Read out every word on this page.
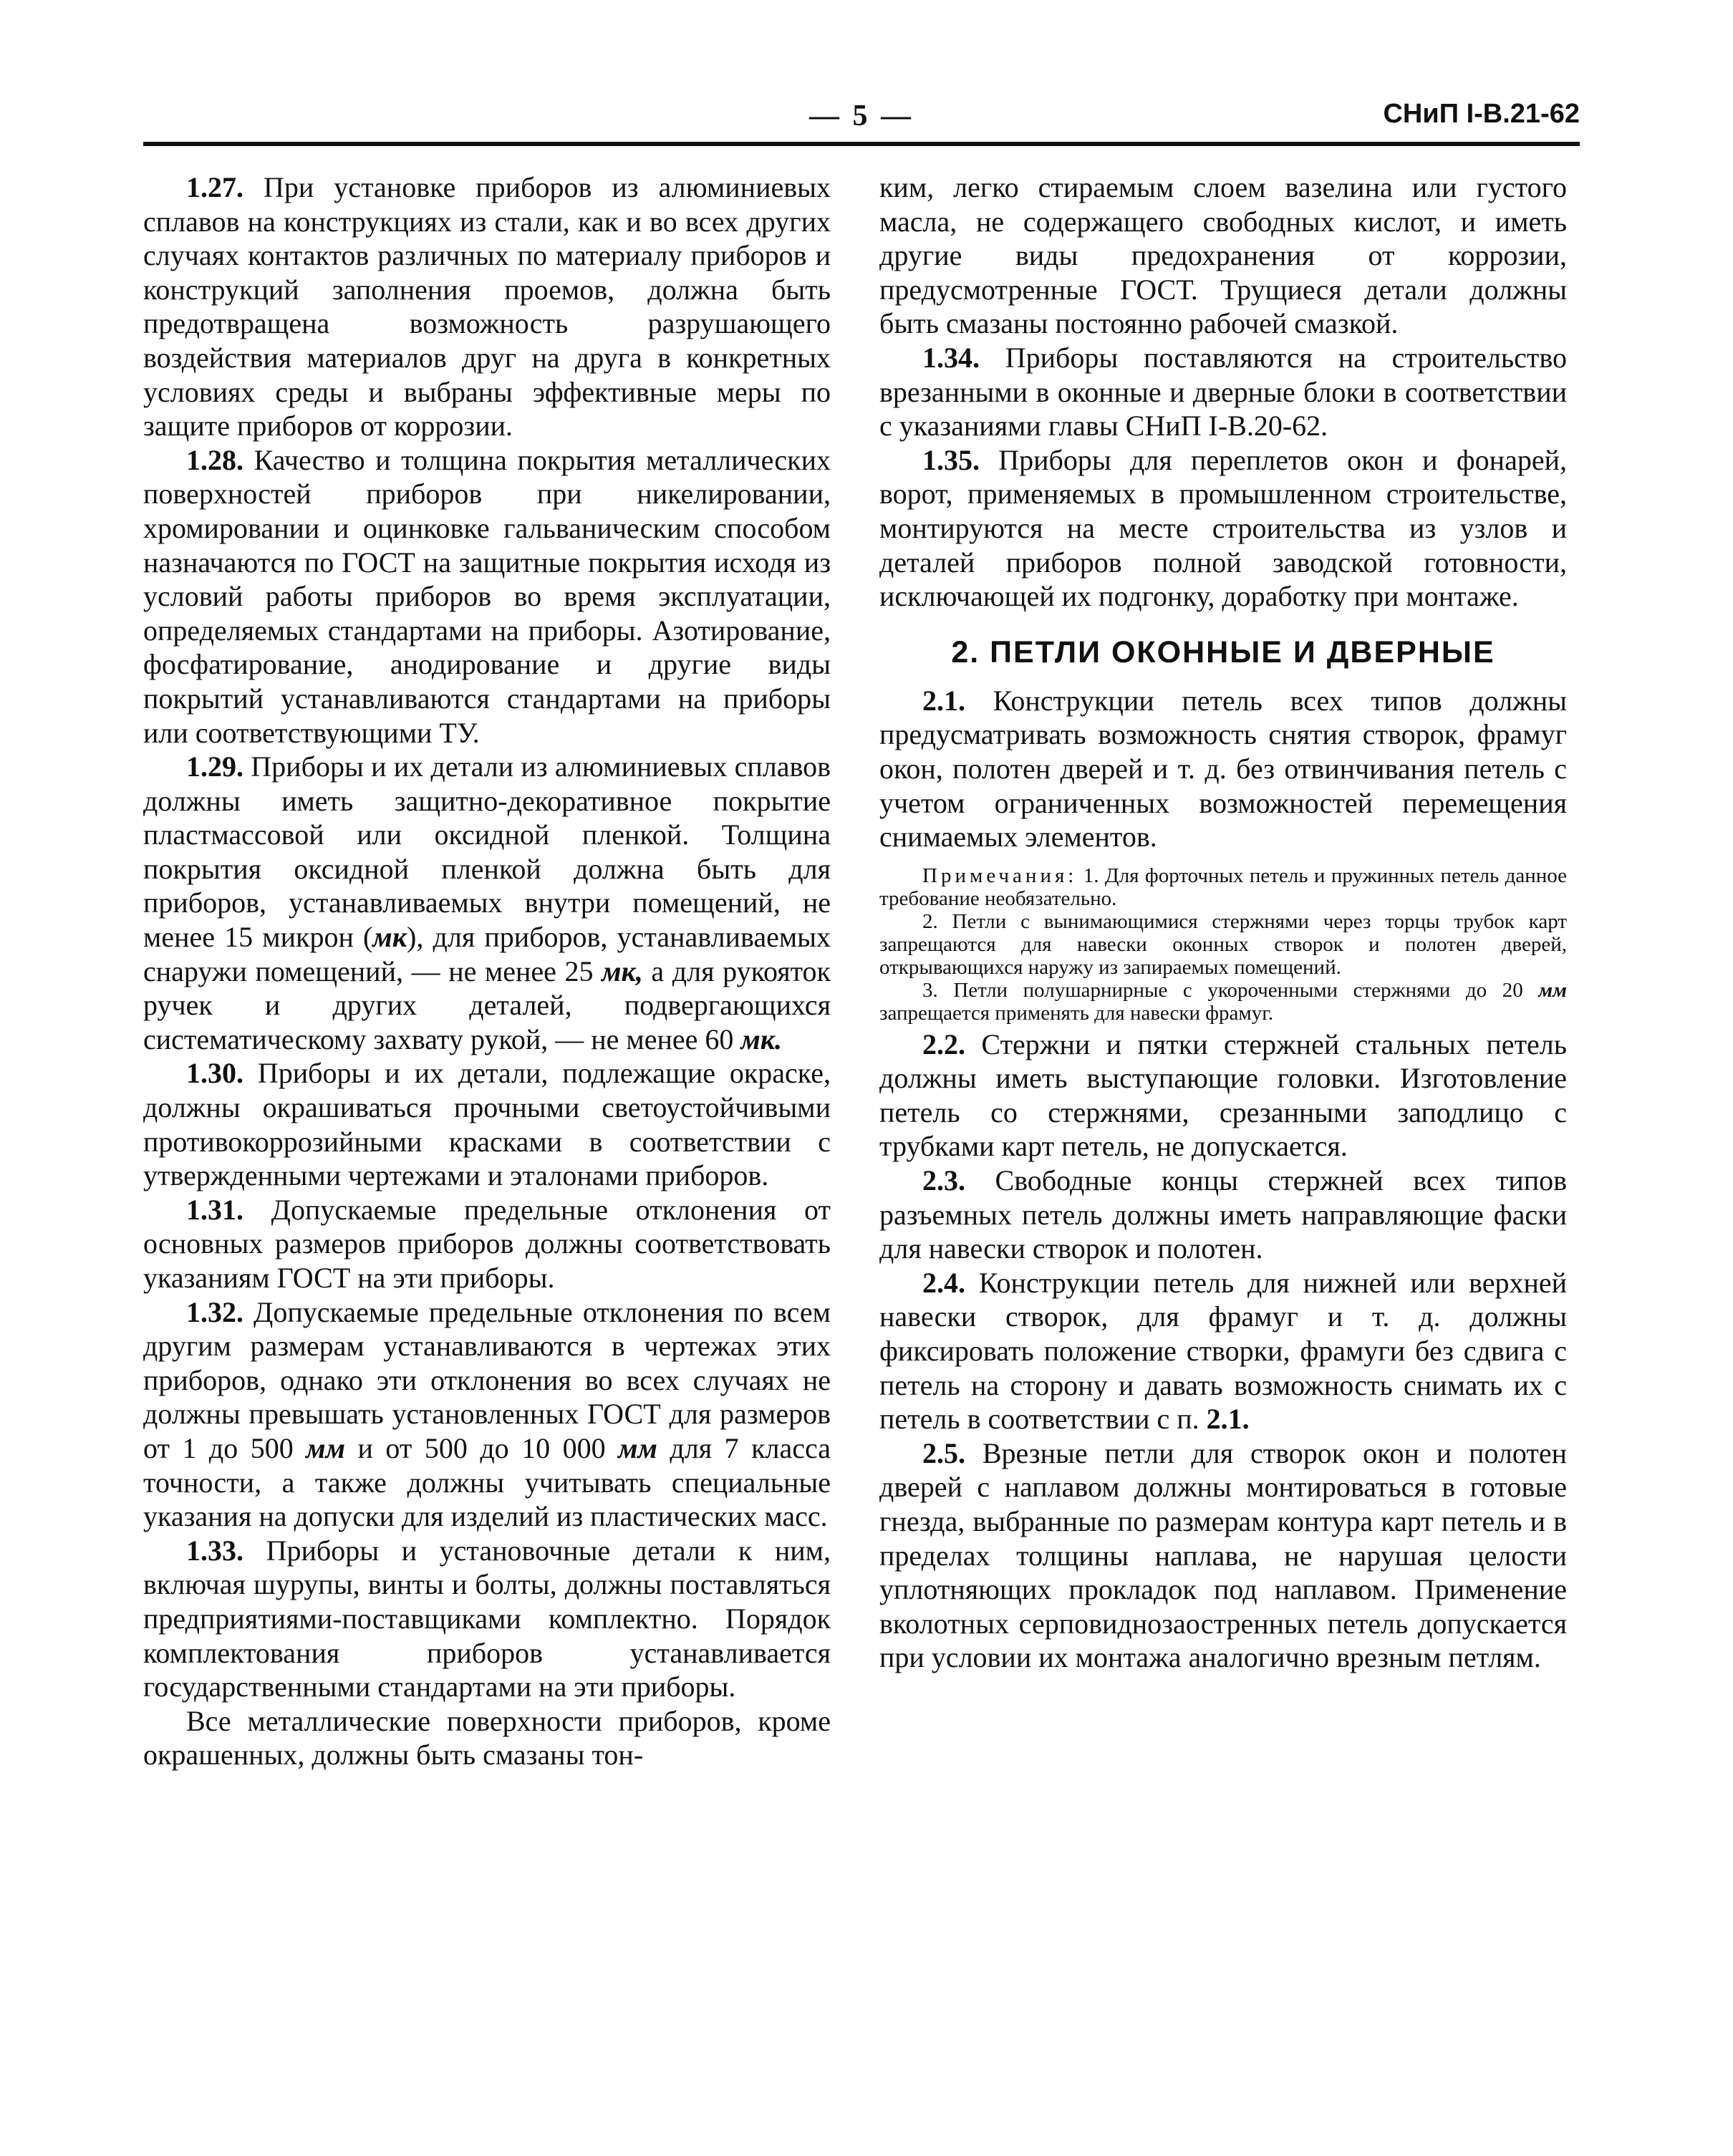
— 5 —	СНиП I-В.21-62

1.27. При установке приборов из алюминиевых сплавов на конструкциях из стали, как и во всех других случаях контактов различных по материалу приборов и конструкций заполнения проемов, должна быть предотвращена возможность разрушающего воздействия материалов друг на друга в конкретных условиях среды и выбраны эффективные меры по защите приборов от коррозии.

1.28. Качество и толщина покрытия металлических поверхностей приборов при никелировании, хромировании и оцинковке гальваническим способом назначаются по ГОСТ на защитные покрытия исходя из условий работы приборов во время эксплуатации, определяемых стандартами на приборы. Азотирование, фосфатирование, анодирование и другие виды покрытий устанавливаются стандартами на приборы или соответствующими ТУ.

1.29. Приборы и их детали из алюминиевых сплавов должны иметь защитно-декоративное покрытие пластмассовой или оксидной пленкой. Толщина покрытия оксидной пленкой должна быть для приборов, устанавливаемых внутри помещений, не менее 15 микрон (мк), для приборов, устанавливаемых снаружи помещений, — не менее 25 мк, а для рукояток ручек и других деталей, подвергающихся систематическому захвату рукой, — не менее 60 мк.

1.30. Приборы и их детали, подлежащие окраске, должны окрашиваться прочными светоустойчивыми противокоррозийными красками в соответствии с утвержденными чертежами и эталонами приборов.

1.31. Допускаемые предельные отклонения от основных размеров приборов должны соответствовать указаниям ГОСТ на эти приборы.

1.32. Допускаемые предельные отклонения по всем другим размерам устанавливаются в чертежах этих приборов, однако эти отклонения во всех случаях не должны превышать установленных ГОСТ для размеров от 1 до 500 мм и от 500 до 10 000 мм для 7 класса точности, а также должны учитывать специальные указания на допуски для изделий из пластических масс.

1.33. Приборы и установочные детали к ним, включая шурупы, винты и болты, должны поставляться предприятиями-поставщиками комплектно. Порядок комплектования приборов устанавливается государственными стандартами на эти приборы.

Все металлические поверхности приборов, кроме окрашенных, должны быть смазаны тон-

ким, легко стираемым слоем вазелина или густого масла, не содержащего свободных кислот, и иметь другие виды предохранения от коррозии, предусмотренные ГОСТ. Трущиеся детали должны быть смазаны постоянно рабочей смазкой.

1.34. Приборы поставляются на строительство врезанными в оконные и дверные блоки в соответствии с указаниями главы СНиП I-В.20-62.

1.35. Приборы для переплетов окон и фонарей, ворот, применяемых в промышленном строительстве, монтируются на месте строительства из узлов и деталей приборов полной заводской готовности, исключающей их подгонку, доработку при монтаже.

2. ПЕТЛИ ОКОННЫЕ И ДВЕРНЫЕ

2.1. Конструкции петель всех типов должны предусматривать возможность снятия створок, фрамуг окон, полотен дверей и т. д. без отвинчивания петель с учетом ограниченных возможностей перемещения снимаемых элементов.

Примечания: 1. Для форточных петель и пружинных петель данное требование необязательно.

2. Петли с вынимающимися стержнями через торцы трубок карт запрещаются для навески оконных створок и полотен дверей, открывающихся наружу из запираемых помещений.

3. Петли полушарнирные с укороченными стержнями до 20 мм запрещается применять для навески фрамуг.

2.2. Стержни и пятки стержней стальных петель должны иметь выступающие головки. Изготовление петель со стержнями, срезанными заподлицо с трубками карт петель, не допускается.

2.3. Свободные концы стержней всех типов разъемных петель должны иметь направляющие фаски для навески створок и полотен.

2.4. Конструкции петель для нижней или верхней навески створок, для фрамуг и т. д. должны фиксировать положение створки, фрамуги без сдвига с петель на сторону и давать возможность снимать их с петель в соответствии с п. 2.1.

2.5. Врезные петли для створок окон и полотен дверей с наплавом должны монтироваться в готовые гнезда, выбранные по размерам контура карт петель и в пределах толщины наплава, не нарушая целости уплотняющих прокладок под наплавом. Применение вколотных серповиднозаостренных петель допускается при условии их монтажа аналогично врезным петлям.
